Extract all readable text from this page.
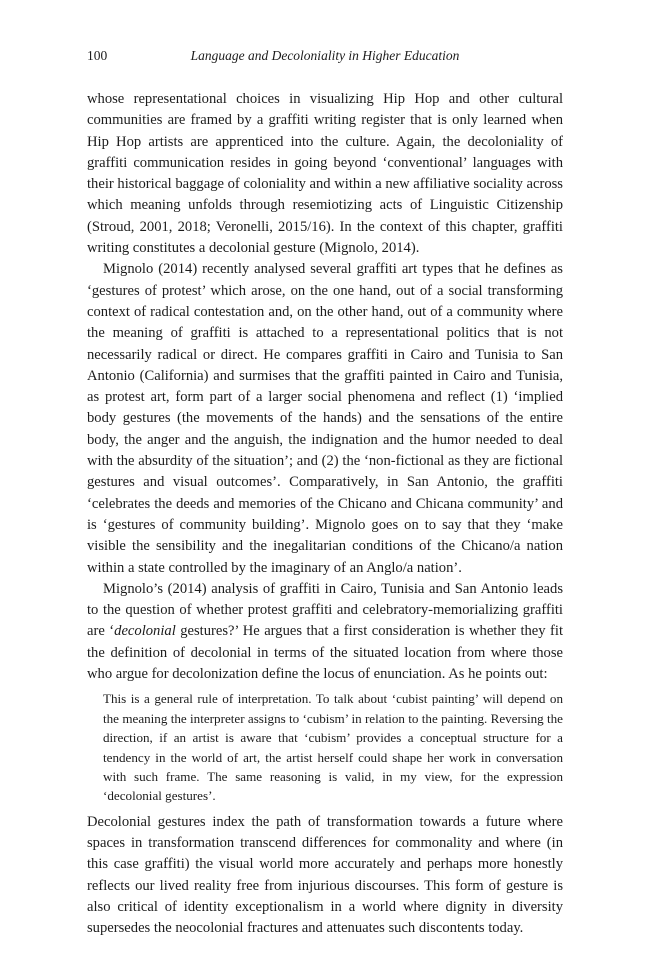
100	Language and Decoloniality in Higher Education

whose representational choices in visualizing Hip Hop and other cultural communities are framed by a graffiti writing register that is only learned when Hip Hop artists are apprenticed into the culture. Again, the decoloniality of graffiti communication resides in going beyond ‘conventional’ languages with their historical baggage of coloniality and within a new affiliative sociality across which meaning unfolds through resemiotizing acts of Linguistic Citizenship (Stroud, 2001, 2018; Veronelli, 2015/16). In the context of this chapter, graffiti writing constitutes a decolonial gesture (Mignolo, 2014).

Mignolo (2014) recently analysed several graffiti art types that he defines as ‘gestures of protest’ which arose, on the one hand, out of a social transforming context of radical contestation and, on the other hand, out of a community where the meaning of graffiti is attached to a representational politics that is not necessarily radical or direct. He compares graffiti in Cairo and Tunisia to San Antonio (California) and surmises that the graffiti painted in Cairo and Tunisia, as protest art, form part of a larger social phenomena and reflect (1) ‘implied body gestures (the movements of the hands) and the sensations of the entire body, the anger and the anguish, the indignation and the humor needed to deal with the absurdity of the situation’; and (2) the ‘non-fictional as they are fictional gestures and visual outcomes’. Comparatively, in San Antonio, the graffiti ‘celebrates the deeds and memories of the Chicano and Chicana community’ and is ‘gestures of community building’. Mignolo goes on to say that they ‘make visible the sensibility and the inegalitarian conditions of the Chicano/a nation within a state controlled by the imaginary of an Anglo/a nation’.

Mignolo’s (2014) analysis of graffiti in Cairo, Tunisia and San Antonio leads to the question of whether protest graffiti and celebratory-memorializing graffiti are ‘decolonial gestures?’ He argues that a first consideration is whether they fit the definition of decolonial in terms of the situated location from where those who argue for decolonization define the locus of enunciation. As he points out:

This is a general rule of interpretation. To talk about ‘cubist painting’ will depend on the meaning the interpreter assigns to ‘cubism’ in relation to the painting. Reversing the direction, if an artist is aware that ‘cubism’ provides a conceptual structure for a tendency in the world of art, the artist herself could shape her work in conversation with such frame. The same reasoning is valid, in my view, for the expression ‘decolonial gestures’.

Decolonial gestures index the path of transformation towards a future where spaces in transformation transcend differences for commonality and where (in this case graffiti) the visual world more accurately and perhaps more honestly reflects our lived reality free from injurious discourses. This form of gesture is also critical of identity exceptionalism in a world where dignity in diversity supersedes the neocolonial fractures and attenuates such discontents today.
